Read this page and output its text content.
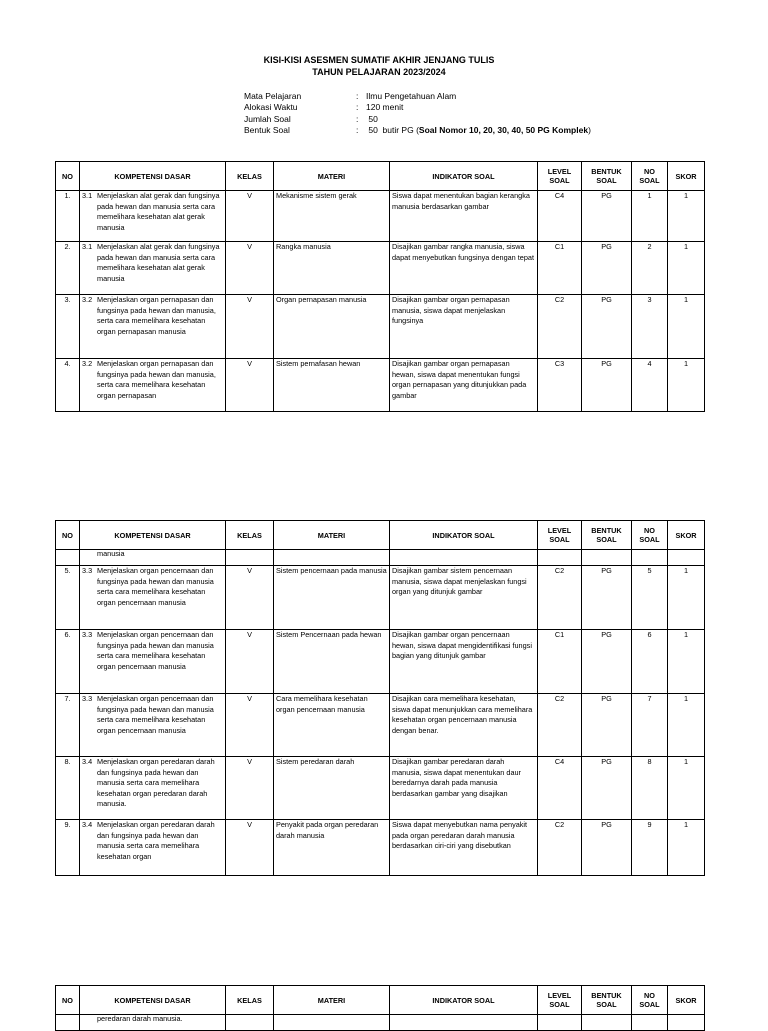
KISI-KISI ASESMEN SUMATIF AKHIR JENJANG TULIS
TAHUN PELAJARAN 2023/2024
Mata Pelajaran	: Ilmu Pengetahuan Alam
Alokasi Waktu	: 120 menit
Jumlah Soal	: 50
Bentuk Soal	: 50  butir PG (Soal Nomor 10, 20, 30, 40, 50 PG Komplek)
NO	KOMPETENSI DASAR	KELAS	MATERI	INDIKATOR SOAL	LEVEL SOAL	BENTUK SOAL	NO SOAL	SKOR
1.	3.1 Menjelaskan alat gerak dan fungsinya pada hewan dan manusia serta cara memelihara kesehatan alat gerak manusia	V	Mekanisme sistem gerak	Siswa dapat menentukan bagian kerangka manusia berdasarkan gambar	C4	PG	1	1
2.	3.1 Menjelaskan alat gerak dan fungsinya pada hewan dan manusia serta cara memelihara kesehatan alat gerak manusia	V	Rangka manusia	Disajikan gambar rangka manusia, siswa dapat menyebutkan fungsinya dengan tepat	C1	PG	2	1
3.	3.2 Menjelaskan organ pernapasan dan fungsinya pada hewan dan manusia, serta cara memelihara kesehatan organ pernapasan manusia	V	Organ pernapasan manusia	Disajikan gambar organ pernapasan manusia, siswa dapat menjelaskan fungsinya	C2	PG	3	1
4.	3.2 Menjelaskan organ pernapasan dan fungsinya pada hewan dan manusia, serta cara memelihara kesehatan organ pernapasan	V	Sistem pernafasan hewan	Disajikan gambar organ pernapasan hewan, siswa dapat menentukan fungsi organ pernapasan yang ditunjukkan pada gambar	C3	PG	4	1
NO	KOMPETENSI DASAR	KELAS	MATERI	INDIKATOR SOAL	LEVEL SOAL	BENTUK SOAL	NO SOAL	SKOR

	manusia							

5.	3.3 Menjelaskan organ pencernaan dan fungsinya pada hewan dan manusia serta cara memelihara kesehatan organ pencernaan manusia	V	Sistem pencernaan pada manusia	Disajikan gambar sistem pencernaan manusia, siswa dapat menjelaskan fungsi organ yang ditunjuk gambar	C2	PG	5	1
6.	3.3 Menjelaskan organ pencernaan dan fungsinya pada hewan dan manusia serta cara memelihara kesehatan organ pencernaan manusia	V	Sistem Pencernaan pada hewan	Disajikan gambar organ pencernaan hewan, siswa dapat mengidentifikasi fungsi bagian yang ditunjuk gambar	C1	PG	6	1
7.	3.3 Menjelaskan organ pencernaan dan fungsinya pada hewan dan manusia serta cara memelihara kesehatan organ pencernaan manusia	V	Cara memelihara kesehatan organ pencernaan manusia	Disajikan cara memelihara kesehatan, siswa dapat menunjukkan cara memelihara kesehatan organ pencernaan manusia dengan benar.	C2	PG	7	1
8.	3.4 Menjelaskan organ peredaran darah dan fungsinya pada hewan dan manusia serta cara memelihara kesehatan organ peredaran darah manusia.	V	Sistem peredaran darah	Disajikan gambar peredaran darah manusia, siswa dapat menentukan daur beredarnya darah pada manusia berdasarkan gambar yang disajikan	C4	PG	8	1
9.	3.4 Menjelaskan organ peredaran darah dan fungsinya pada hewan dan manusia serta cara memelihara kesehatan organ	V	Penyakit pada organ peredaran darah manusia	Siswa dapat menyebutkan nama penyakit pada organ peredaran darah manusia berdasarkan ciri-ciri yang disebutkan	C2	PG	9	1
NO	KOMPETENSI DASAR	KELAS	MATERI	INDIKATOR SOAL	LEVEL SOAL	BENTUK SOAL	NO SOAL	SKOR

	peredaran darah manusia.							
